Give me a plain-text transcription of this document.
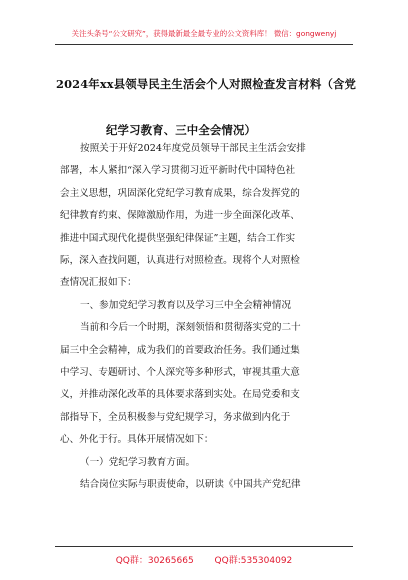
关注头条号“公文研究”，获得最新最全最专业的公文资料库！ 微信：gongwenyj
2024年xx县领导民主生活会个人对照检查发言材料（含党
纪学习教育、三中全会情况）

按照关于开好2024年度党员领导干部民主生活会安排

部署，本人紧扣“深入学习贯彻习近平新时代中国特色社

会主义思想，巩固深化党纪学习教育成果，综合发挥党的

纪律教育约束、保障激励作用，为进一步全面深化改革、

推进中国式现代化提供坚强纪律保证”主题，结合工作实

际，深入查找问题，认真进行对照检查。现将个人对照检

查情况汇报如下：

一、参加党纪学习教育以及学习三中全会精神情况

当前和今后一个时期，深刻领悟和贯彻落实党的二十

届三中全会精神，成为我们的首要政治任务。我们通过集

中学习、专题研讨、个人深究等多种形式，审视其重大意

义，并推动深化改革的具体要求落到实处。在局党委和支

部指导下，全员积极参与党纪规学习，务求做到内化于

心、外化于行。具体开展情况如下：

（一）党纪学习教育方面。

结合岗位实际与职责使命，以研读《中国共产党纪律

QQ群：30265665 QQ群:535304092
